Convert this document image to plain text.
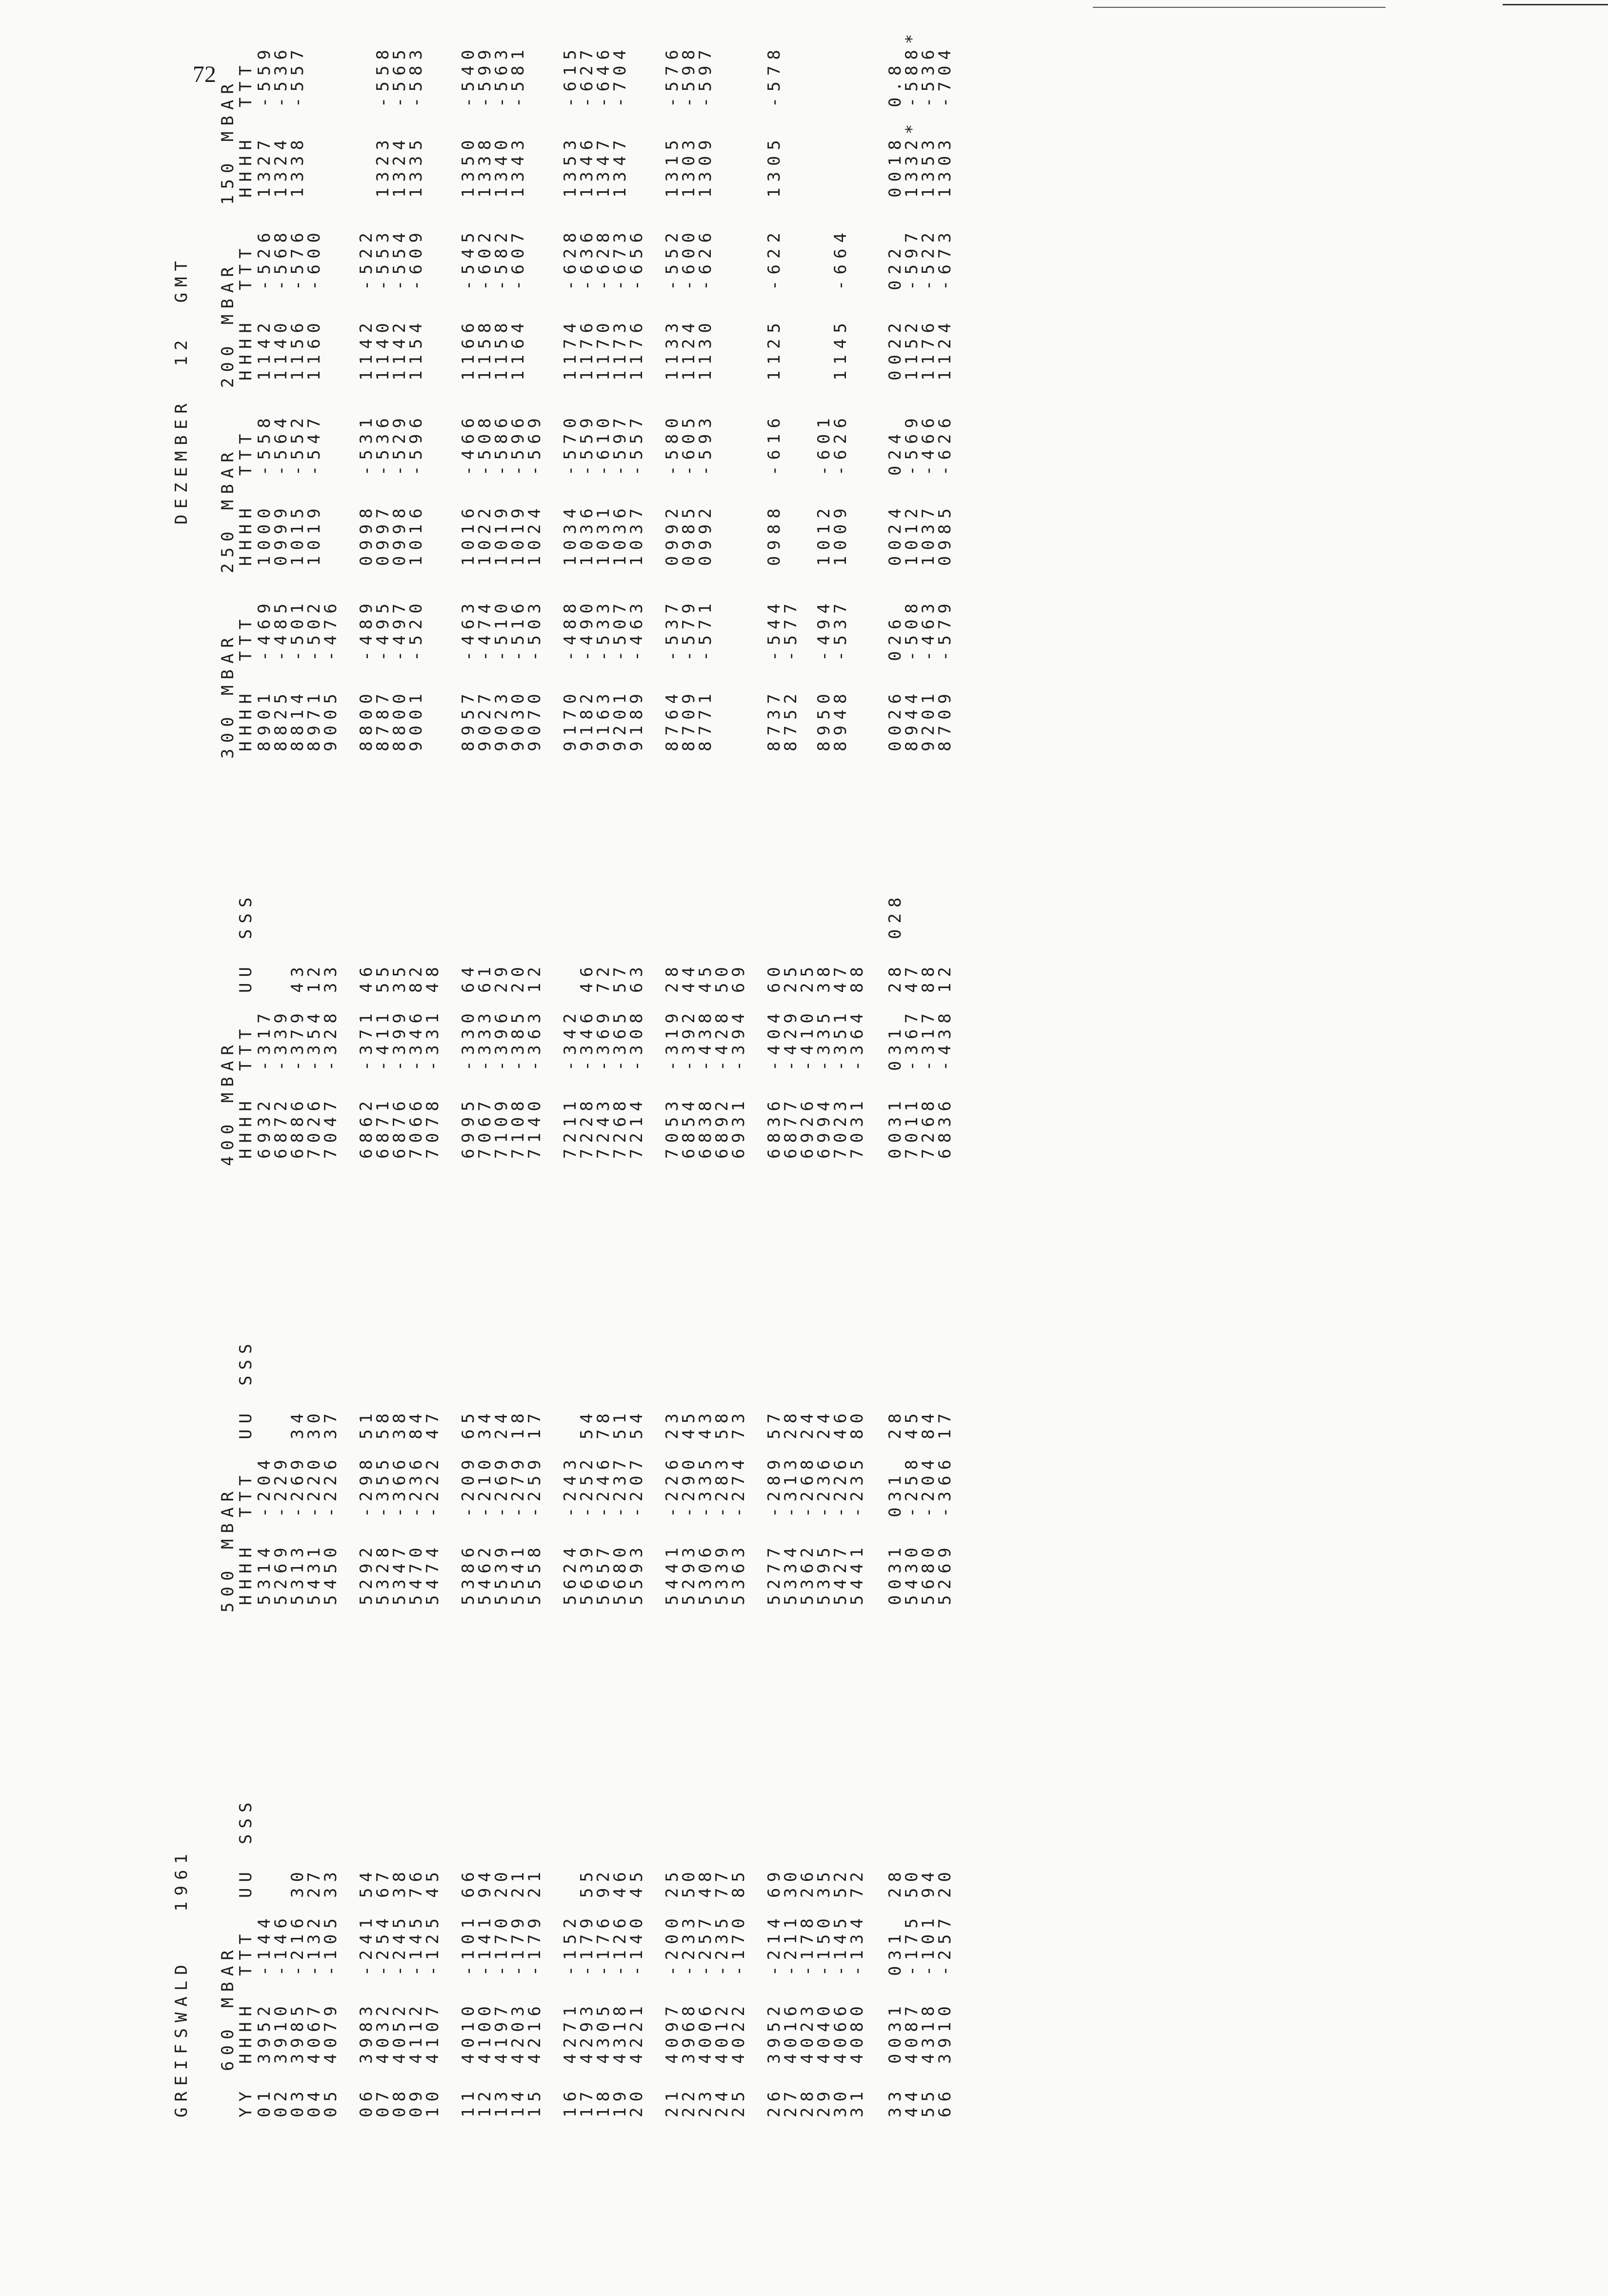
72
GREIFSWALD   1961
DEZEMBER  12  GMT
600 MBAR
500 MBAR
400 MBAR
300 MBAR
250 MBAR
200 MBAR
150 MBAR
YY
HHHH
TTT
UU
SSS
HHHH
TTT
UU
SSS
HHHH
TTT
UU
SSS
HHHH
TTT
HHHH
TTT
HHHH
TTT
HHHH
TTT
01
3952
-144
5314
-204
6932
-317
8901
-469
1000
-558
1142
-526
1327
-559
02
3910
-146
5269
-229
6872
-339
8825
-485
0999
-564
1140
-568
1324
-536
03
3985
-216
30
5313
-269
34
6886
-379
43
8814
-501
1015
-552
1156
-576
1338
-557
04
4067
-132
27
5431
-220
30
7026
-354
12
8971
-502
1019
-547
1160
-600
05
4079
-105
33
5450
-226
37
7047
-328
33
9005
-476
06
3983
-241
54
5292
-298
51
6862
-371
46
8800
-489
0998
-531
1142
-522
07
4032
-254
67
5328
-355
58
6871
-411
55
8787
-495
0997
-536
1140
-553
1323
-558
08
4052
-245
38
5347
-366
38
6876
-399
35
8800
-497
0998
-529
1142
-554
1324
-565
09
4112
-145
76
5470
-236
84
7066
-346
82
9001
-520
1016
-596
1154
-609
1335
-583
10
4107
-125
45
5474
-222
47
7078
-331
48
11
4010
-101
66
5386
-209
65
6995
-330
64
8957
-463
1016
-466
1166
-545
1350
-540
12
4100
-141
94
5462
-210
34
7067
-333
61
9027
-474
1022
-508
1158
-602
1338
-599
13
4197
-170
20
5539
-269
24
7109
-396
29
9023
-510
1019
-586
1158
-582
1340
-563
14
4203
-179
21
5541
-279
18
7108
-385
20
9030
-516
1019
-596
1164
-607
1343
-581
15
4216
-179
21
5558
-259
17
7140
-363
12
9070
-503
1024
-569
16
4271
-152
5624
-243
7211
-342
9170
-488
1034
-570
1174
-628
1353
-615
17
4293
-179
55
5639
-252
54
7228
-346
46
9182
-490
1036
-559
1176
-636
1346
-627
18
4305
-176
92
5657
-246
78
7243
-369
72
9163
-533
1031
-610
1170
-628
1347
-646
19
4318
-126
46
5680
-237
51
7268
-365
57
9201
-507
1036
-597
1173
-673
1347
-704
20
4221
-140
45
5593
-207
54
7214
-308
63
9189
-463
1037
-557
1176
-656
21
4097
-200
25
5441
-226
23
7053
-319
28
8764
-537
0992
-580
1133
-552
1315
-576
22
3968
-233
50
5293
-290
45
6854
-392
44
8709
-579
0985
-605
1124
-600
1303
-598
23
4006
-257
48
5306
-335
43
6838
-438
45
8771
-571
0992
-593
1130
-626
1309
-597
24
4012
-235
77
5339
-283
58
6892
-428
50
25
4022
-170
85
5363
-274
73
6931
-394
69
26
3952
-214
69
5277
-289
57
6836
-404
60
8737
-544
0988
-616
1125
-622
1305
-578
27
4016
-211
30
5334
-313
28
6877
-429
25
8752
-577
28
4023
-178
26
5362
-268
24
6926
-410
25
29
4040
-150
35
5395
-236
24
6994
-335
38
8950
-494
1012
-601
30
4066
-145
52
5427
-226
46
7023
-351
47
8948
-537
1009
-626
1145
-664
31
4080
-134
72
5441
-235
80
7031
-364
88
33
0031
031
28
0031
031
28
0031
031
28
028
0026
026
0024
024
0022
022
0018
0.8
44
4087
-175
50
5430
-258
45
7011
-367
47
8944
-508
1012
-569
1152
-597
1332*
-588*
55
4318
-101
94
5680
-204
84
7268
-317
88
9201
-463
1037
-466
1176
-522
1353
-536
66
3910
-257
20
5269
-366
17
6836
-438
12
8709
-579
0985
-626
1124
-673
1303
-704
